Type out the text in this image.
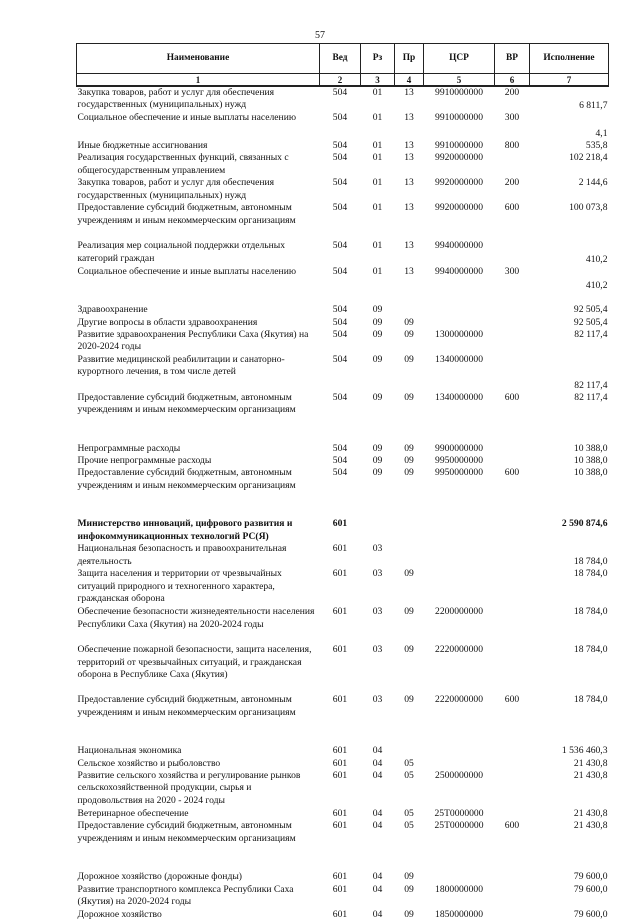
57
Наименование	Вед	Рз	Пр	ЦСР	ВР	Исполнение
1	2	3	4	5	6	7
Закупка товаров, работ и услуг для обеспечения государственных (муниципальных) нужд	504	01	13	9910000000	200	6 811,7
Социальное обеспечение и иные выплаты населению	504	01	13	9910000000	300	4,1
Иные бюджетные ассигнования	504	01	13	9910000000	800	535,8
Реализация государственных функций, связанных с общегосударственным управлением	504	01	13	9920000000		102 218,4
Закупка товаров, работ и услуг для обеспечения государственных (муниципальных) нужд	504	01	13	9920000000	200	2 144,6
Предоставление субсидий бюджетным, автономным учреждениям и иным некоммерческим организациям	504	01	13	9920000000	600	100 073,8
Реализация мер социальной поддержки отдельных категорий граждан	504	01	13	9940000000		410,2
Социальное обеспечение и иные выплаты населению	504	01	13	9940000000	300	410,2

Здравоохранение	504	09				92 505,4
Другие вопросы в области здравоохранения	504	09	09			92 505,4
Развитие здравоохранения Республики Саха (Якутия) на 2020-2024 годы	504	09	09	1300000000		82 117,4
Развитие медицинской реабилитации и санаторно-курортного лечения, в том числе детей	504	09	09	1340000000		82 117,4
Предоставление субсидий бюджетным, автономным учреждениям и иным некоммерческим организациям	504	09	09	1340000000	600	82 117,4

Непрограммные расходы	504	09	09	9900000000		10 388,0
Прочие непрограммные расходы	504	09	09	9950000000		10 388,0
Предоставление субсидий бюджетным, автономным учреждениям и иным некоммерческим организациям	504	09	09	9950000000	600	10 388,0

Министерство инноваций, цифрового развития и инфокоммуникационных технологий РС(Я)	601					2 590 874,6
Национальная безопасность и правоохранительная деятельность	601	03				18 784,0
Защита населения и территории от чрезвычайных ситуаций природного и техногенного характера, гражданская оборона	601	03	09			18 784,0
Обеспечение безопасности жизнедеятельности населения Республики Саха (Якутия) на 2020-2024 годы	601	03	09	2200000000		18 784,0
Обеспечение пожарной безопасности, защита населения, территорий от чрезвычайных ситуаций, и гражданская оборона в Республике Саха (Якутия)	601	03	09	2220000000		18 784,0
Предоставление субсидий бюджетным, автономным учреждениям и иным некоммерческим организациям	601	03	09	2220000000	600	18 784,0

Национальная экономика	601	04				1 536 460,3
Сельское хозяйство и рыболовство	601	04	05			21 430,8
Развитие сельского хозяйства и регулирование рынков сельскохозяйственной продукции, сырья и продовольствия на 2020 - 2024 годы	601	04	05	2500000000		21 430,8
Ветеринарное обеспечение	601	04	05	25Т0000000		21 430,8
Предоставление субсидий бюджетным, автономным учреждениям и иным некоммерческим организациям	601	04	05	25Т0000000	600	21 430,8

Дорожное хозяйство (дорожные фонды)	601	04	09			79 600,0
Развитие транспортного комплекса Республики Саха (Якутия) на 2020-2024 годы	601	04	09	1800000000		79 600,0
Дорожное хозяйство	601	04	09	1850000000		79 600,0
